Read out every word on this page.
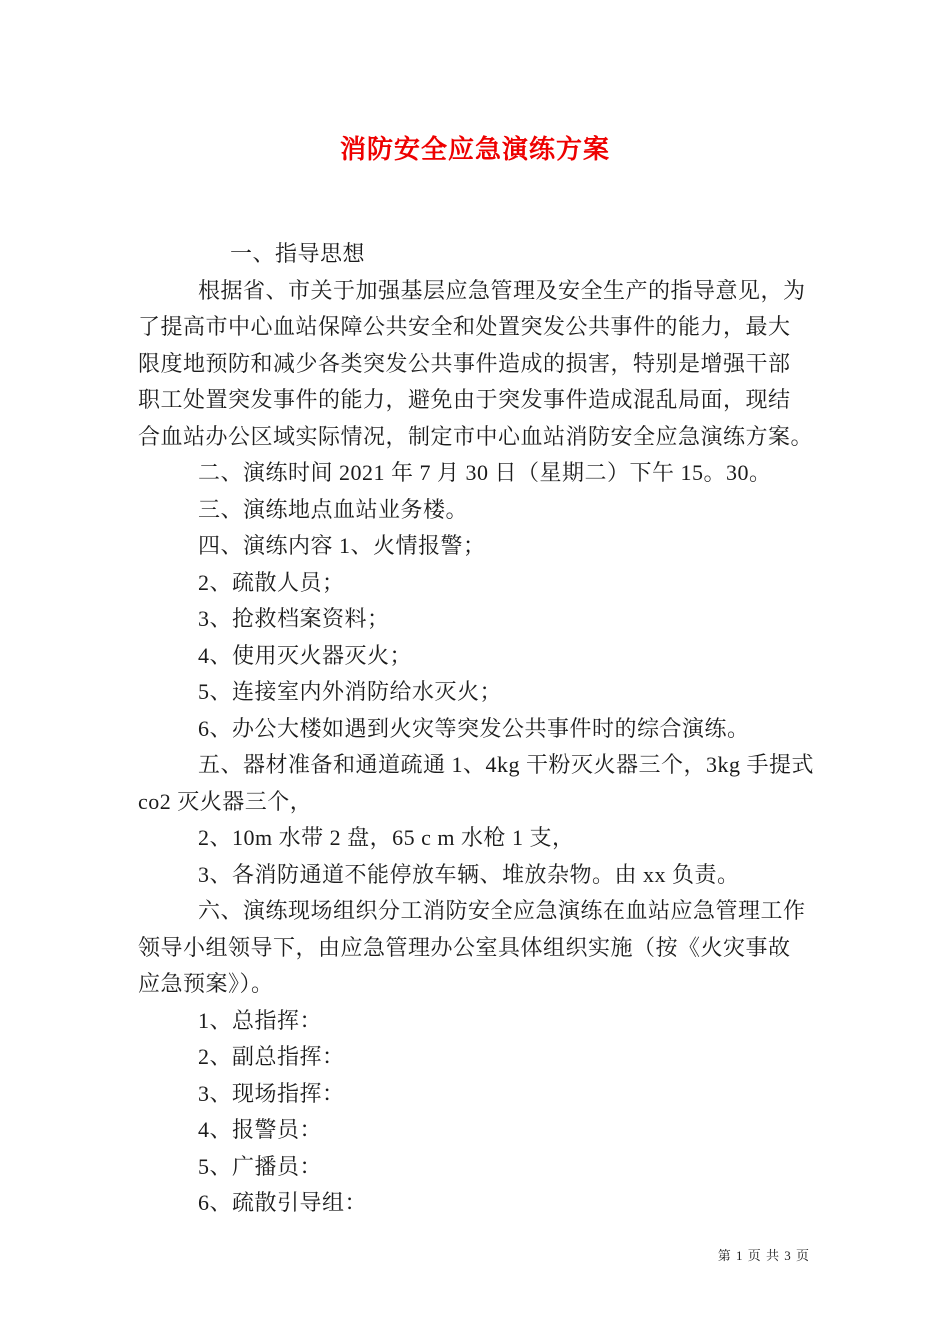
消防安全应急演练方案
一、指导思想
根据省、市关于加强基层应急管理及安全生产的指导意见，为
了提高市中心血站保障公共安全和处置突发公共事件的能力，最大
限度地预防和减少各类突发公共事件造成的损害，特别是增强干部
职工处置突发事件的能力，避免由于突发事件造成混乱局面，现结
合血站办公区域实际情况，制定市中心血站消防安全应急演练方案。
二、演练时间 2021 年 7 月 30 日（星期二）下午 15。30。
三、演练地点血站业务楼。
四、演练内容 1、火情报警；
2、疏散人员；
3、抢救档案资料；
4、使用灭火器灭火；
5、连接室内外消防给水灭火；
6、办公大楼如遇到火灾等突发公共事件时的综合演练。
五、器材准备和通道疏通 1、4kg 干粉灭火器三个，3kg 手提式
co2 灭火器三个，
2、10m 水带 2 盘，65 c m 水枪 1 支，
3、各消防通道不能停放车辆、堆放杂物。由 xx 负责。
六、演练现场组织分工消防安全应急演练在血站应急管理工作
领导小组领导下，由应急管理办公室具体组织实施（按《火灾事故
应急预案》）。
1、总指挥：
2、副总指挥：
3、现场指挥：
4、报警员：
5、广播员：
6、疏散引导组：
第 1 页 共 3 页
